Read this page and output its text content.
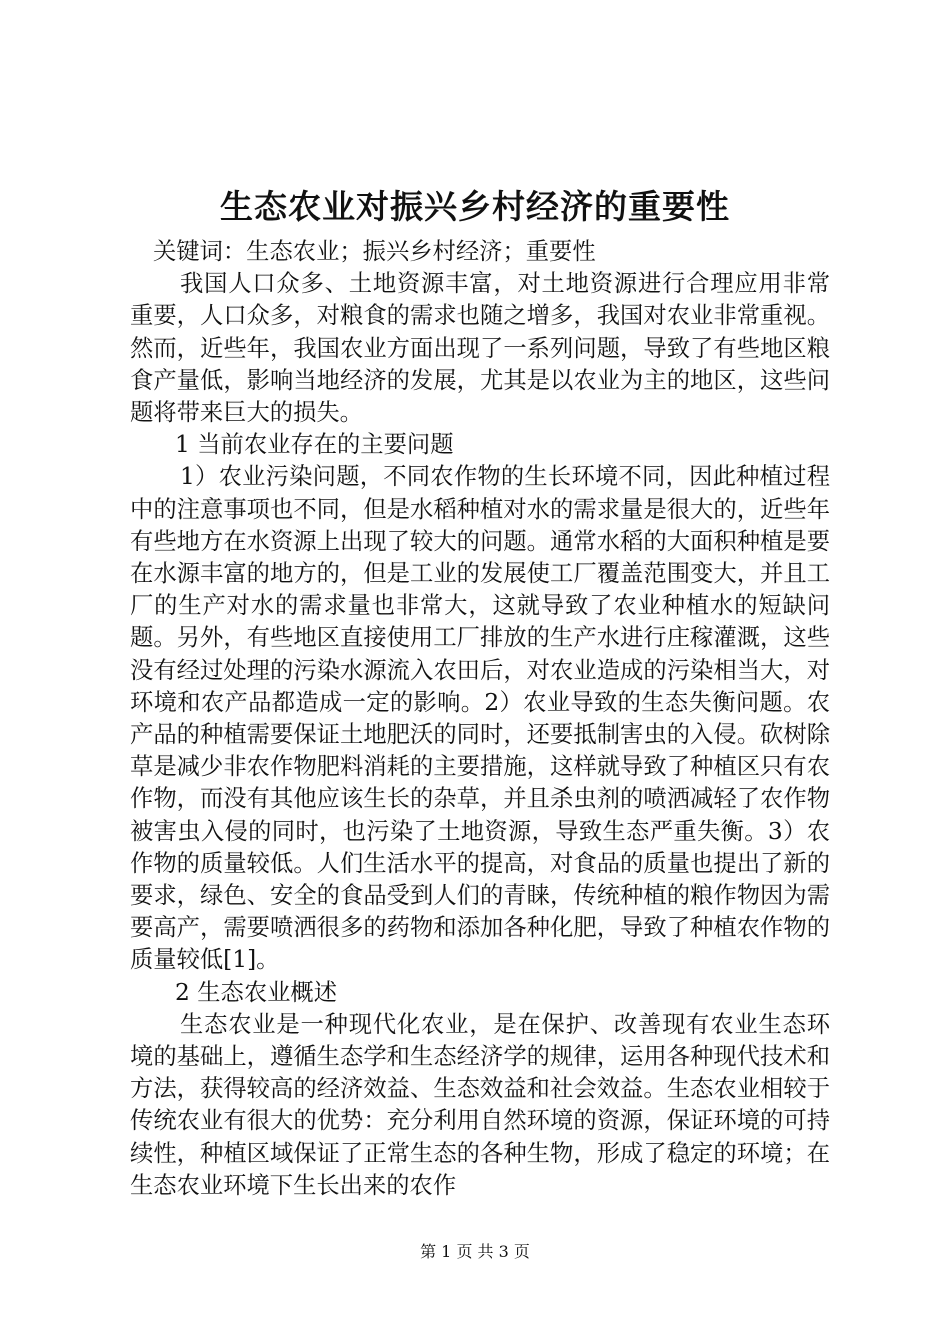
生态农业对振兴乡村经济的重要性

关键词：生态农业；振兴乡村经济；重要性

我国人口众多、土地资源丰富，对土地资源进行合理应用非常重要，人口众多，对粮食的需求也随之增多，我国对农业非常重视。然而，近些年，我国农业方面出现了一系列问题，导致了有些地区粮食产量低，影响当地经济的发展，尤其是以农业为主的地区，这些问题将带来巨大的损失。

1 当前农业存在的主要问题

1）农业污染问题，不同农作物的生长环境不同，因此种植过程中的注意事项也不同，但是水稻种植对水的需求量是很大的，近些年有些地方在水资源上出现了较大的问题。通常水稻的大面积种植是要在水源丰富的地方的，但是工业的发展使工厂覆盖范围变大，并且工厂的生产对水的需求量也非常大，这就导致了农业种植水的短缺问题。另外，有些地区直接使用工厂排放的生产水进行庄稼灌溉，这些没有经过处理的污染水源流入农田后，对农业造成的污染相当大，对环境和农产品都造成一定的影响。2）农业导致的生态失衡问题。农产品的种植需要保证土地肥沃的同时，还要抵制害虫的入侵。砍树除草是减少非农作物肥料消耗的主要措施，这样就导致了种植区只有农作物，而没有其他应该生长的杂草，并且杀虫剂的喷洒减轻了农作物被害虫入侵的同时，也污染了土地资源，导致生态严重失衡。3）农作物的质量较低。人们生活水平的提高，对食品的质量也提出了新的要求，绿色、安全的食品受到人们的青睐，传统种植的粮作物因为需要高产，需要喷洒很多的药物和添加各种化肥，导致了种植农作物的质量较低[1]。

2 生态农业概述

生态农业是一种现代化农业，是在保护、改善现有农业生态环境的基础上，遵循生态学和生态经济学的规律，运用各种现代技术和方法，获得较高的经济效益、生态效益和社会效益。生态农业相较于传统农业有很大的优势：充分利用自然环境的资源，保证环境的可持续性，种植区域保证了正常生态的各种生物，形成了稳定的环境；在生态农业环境下生长出来的农作

第 1 页 共 3 页
